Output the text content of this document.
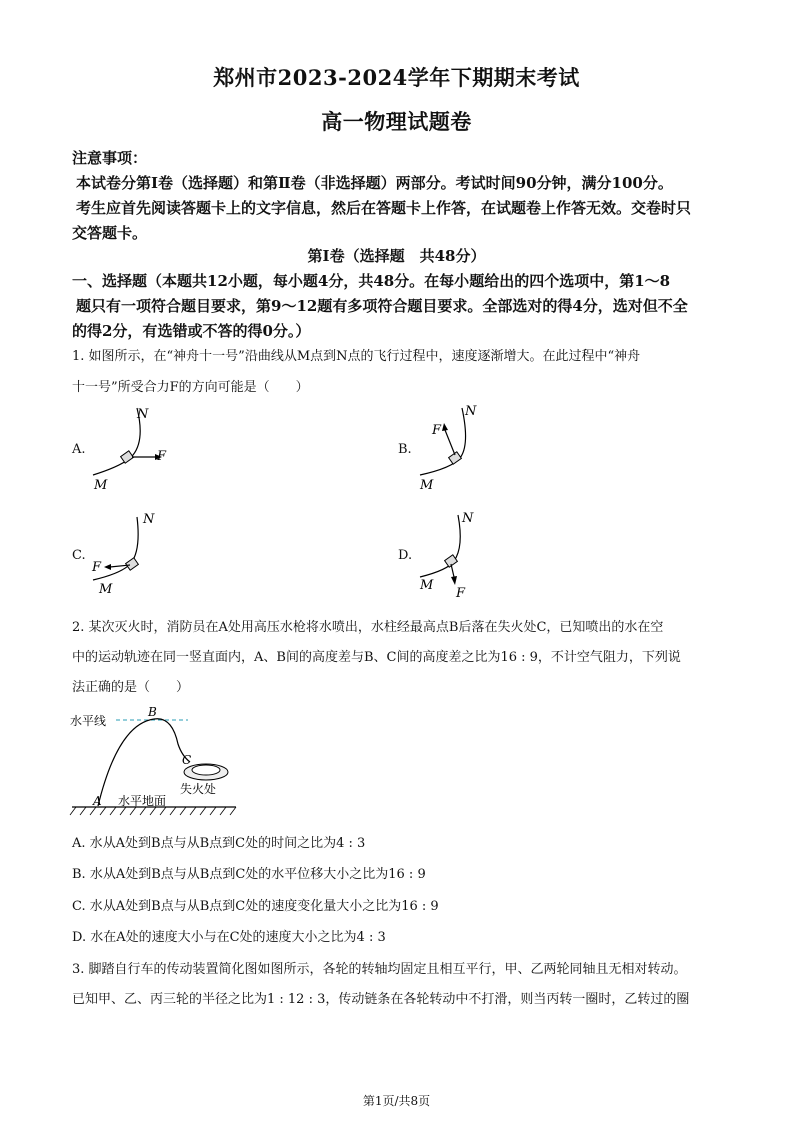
郑州市2023-2024学年下期期末考试
高一物理试题卷
注意事项：
本试卷分第Ⅰ卷（选择题）和第Ⅱ卷（非选择题）两部分。考试时间90分钟，满分100分。
考生应首先阅读答题卡上的文字信息，然后在答题卡上作答，在试题卷上作答无效。交卷时只
交答题卡。
第Ⅰ卷（选择题　共48分）
一、选择题（本题共12小题，每小题4分，共48分。在每小题给出的四个选项中，第1～8
题只有一项符合题目要求，第9～12题有多项符合题目要求。全部选对的得4分，选对但不全
的得2分，有选错或不答的得0分。）
1. 如图所示，在“神舟十一号”沿曲线从M点到N点的飞行过程中，速度逐渐增大。在此过程中“神舟
十一号”所受合力F的方向可能是（　　）
A.	B.
C.	D.
N
M
F
N
M
F
N
M
F
N
M
F
2. 某次灭火时，消防员在A处用高压水枪将水喷出，水柱经最高点B后落在失火处C，已知喷出的水在空
中的运动轨迹在同一竖直面内，A、B间的高度差与B、C间的高度差之比为16 : 9，不计空气阻力，下列说
法正确的是（　　）
水平线
B
C
失火处
A 水平地面
A. 水从A处到B点与从B点到C处的时间之比为4 : 3
B. 水从A处到B点与从B点到C处的水平位移大小之比为16 : 9
C. 水从A处到B点与从B点到C处的速度变化量大小之比为16 : 9
D. 水在A处的速度大小与在C处的速度大小之比为4 : 3
3. 脚踏自行车的传动装置简化图如图所示，各轮的转轴均固定且相互平行，甲、乙两轮同轴且无相对转动。
已知甲、乙、丙三轮的半径之比为1 : 12 : 3，传动链条在各轮转动中不打滑，则当丙转一圈时，乙转过的圈
第1页/共8页
